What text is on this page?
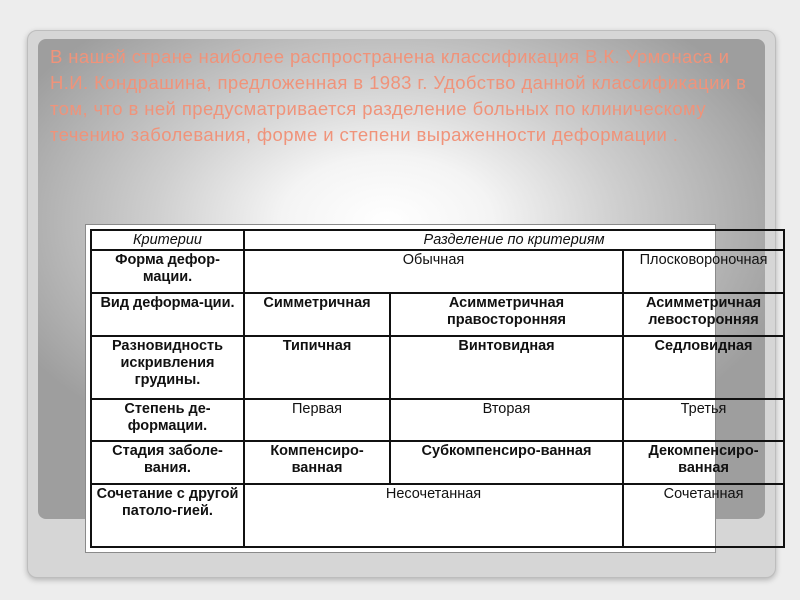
В нашей стране наиболее распространена классификация В.К. Урмонаса и Н.И. Кондрашина, предложенная в 1983 г. Удобство данной классификации в том, что в ней предусматривается разделение больных по клиническому течению заболевания, форме и степени выраженности деформации .

Критерии	Разделение по критериям		
Форма дефор-мации.	Обычная		Плосковороночная
Вид деформа-ции.	Симметричная	Асимметричная правосторонняя	Асимметричная левосторонняя
Разновидность искривления грудины.	Типичная	Винтовидная	Седловидная
Степень де-формации.	Первая	Вторая	Третья
Стадия заболе-вания.	Компенсиро-ванная	Субкомпенсиро-ванная	Декомпенсиро-ванная
Сочетание с другой патоло-гией.	Несочетанная		Сочетанная
